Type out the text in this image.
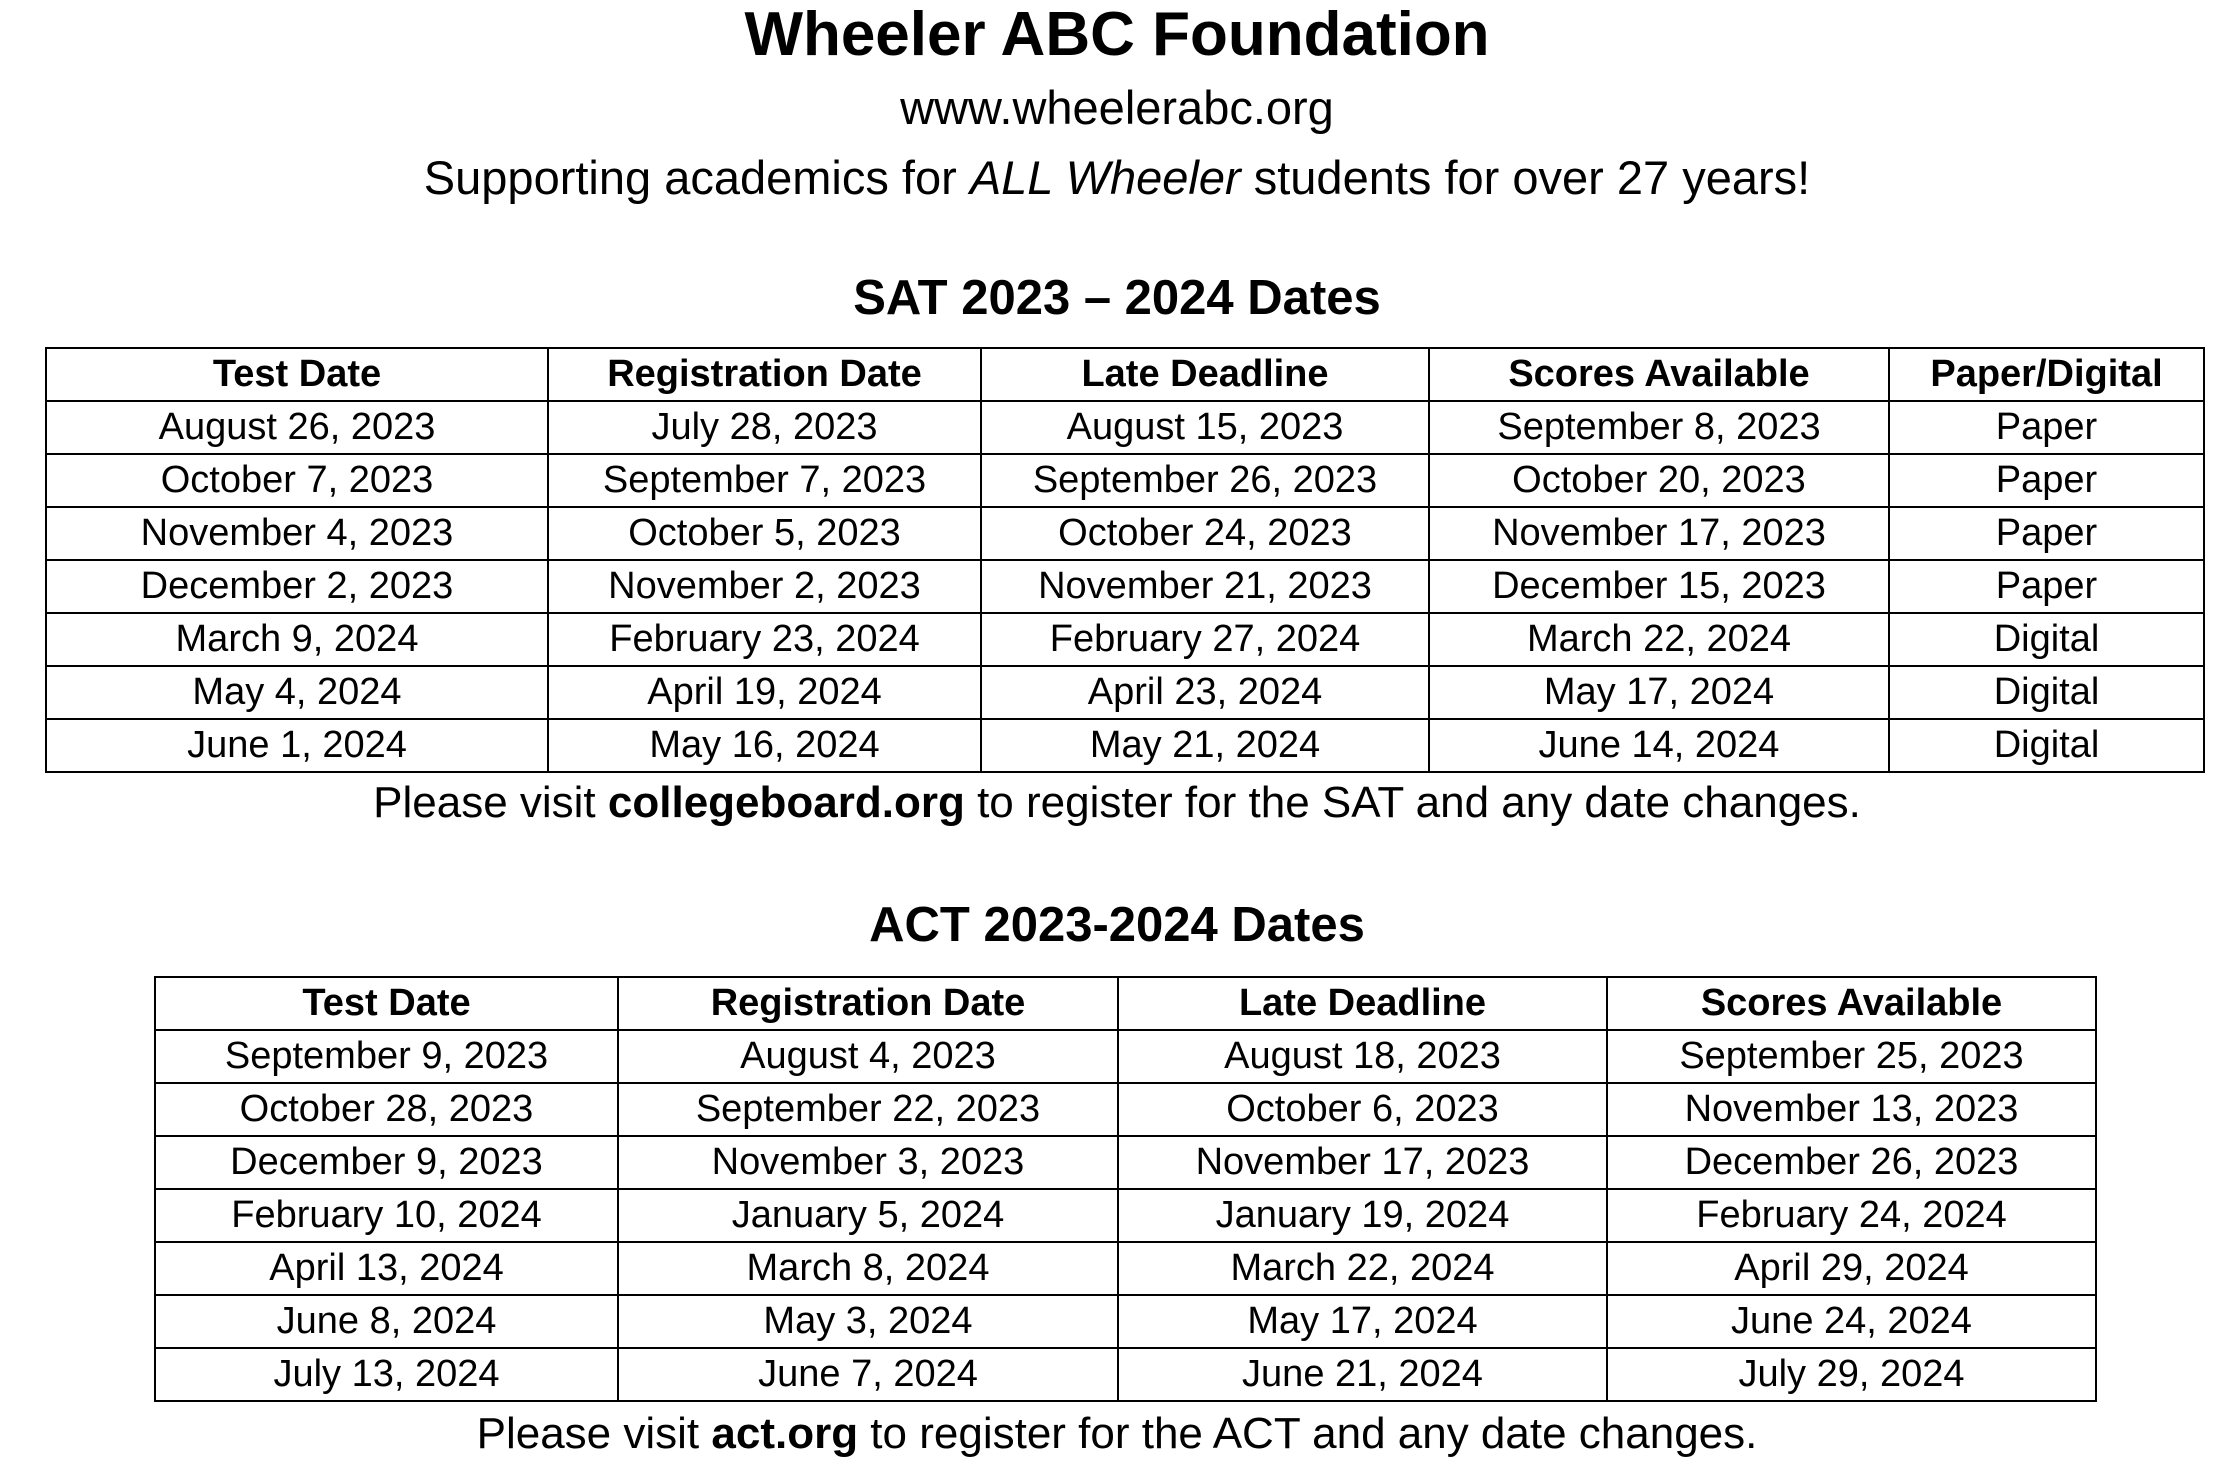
Wheeler ABC Foundation
www.wheelerabc.org
Supporting academics for ALL Wheeler students for over 27 years!
SAT 2023 – 2024 Dates
Test Date	Registration Date	Late Deadline	Scores Available	Paper/Digital
August 26, 2023	July 28, 2023	August 15, 2023	September 8, 2023	Paper
October 7, 2023	September 7, 2023	September 26, 2023	October 20, 2023	Paper
November 4, 2023	October 5, 2023	October 24, 2023	November 17, 2023	Paper
December 2, 2023	November 2, 2023	November 21, 2023	December 15, 2023	Paper
March 9, 2024	February 23, 2024	February 27, 2024	March 22, 2024	Digital
May 4, 2024	April 19, 2024	April 23, 2024	May 17, 2024	Digital
June 1, 2024	May 16, 2024	May 21, 2024	June 14, 2024	Digital
Please visit collegeboard.org to register for the SAT and any date changes.
ACT 2023-2024 Dates
Test Date	Registration Date	Late Deadline	Scores Available
September 9, 2023	August 4, 2023	August 18, 2023	September 25, 2023
October 28, 2023	September 22, 2023	October 6, 2023	November 13, 2023
December 9, 2023	November 3, 2023	November 17, 2023	December 26, 2023
February 10, 2024	January 5, 2024	January 19, 2024	February 24, 2024
April 13, 2024	March 8, 2024	March 22, 2024	April 29, 2024
June 8, 2024	May 3, 2024	May 17, 2024	June 24, 2024
July 13, 2024	June 7, 2024	June 21, 2024	July 29, 2024
Please visit act.org to register for the ACT and any date changes.
